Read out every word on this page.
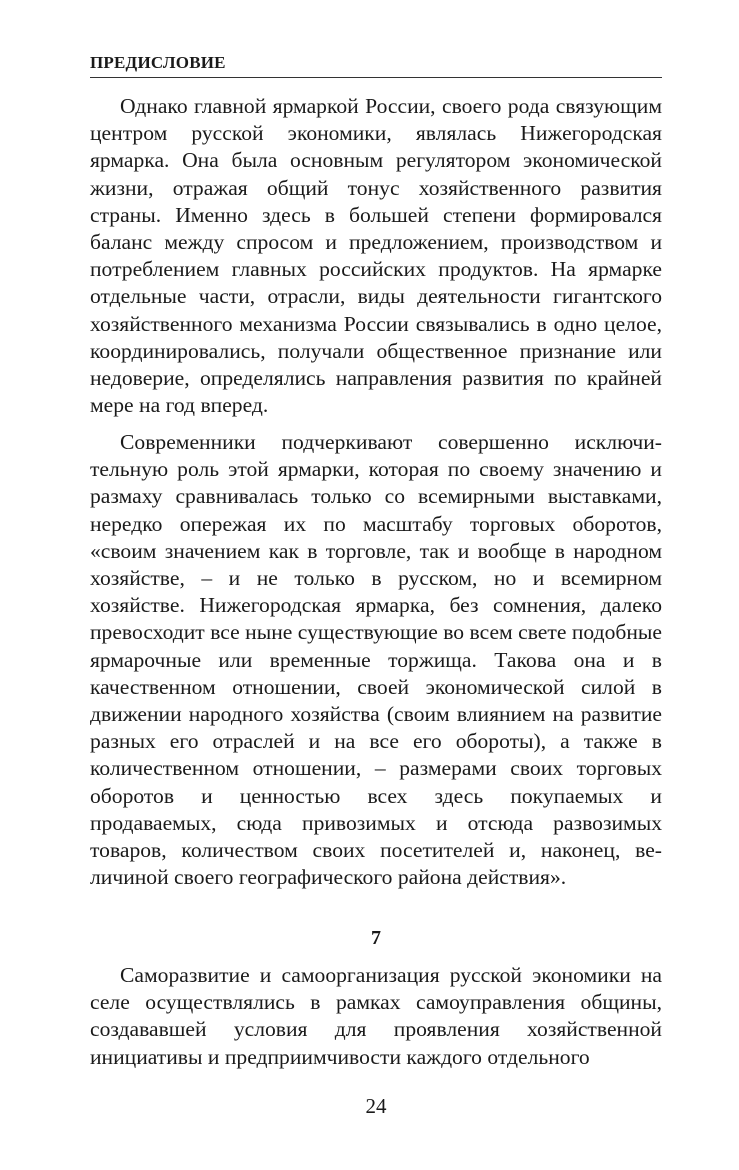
ПРЕДИСЛОВИЕ

Однако главной ярмаркой России, своего рода связующим центром русской экономики, являлась Нижегородская ярмарка. Она была основным регулятором экономической жизни, отражая общий тонус хозяйственного развития страны. Именно здесь в большей степени формировался баланс между спросом и предложением, производством и потреблением главных российских продуктов. На ярмарке отдельные части, отрасли, виды деятельности гигантского хозяйственного механизма России связывались в одно целое, координировались, получали общественное признание или недоверие, определялись направления развития по крайней мере на год вперед.

Современники подчеркивают совершенно исключительную роль этой ярмарки, которая по своему значению и размаху сравнивалась только со всемирными выставками, нередко опережая их по масштабу торговых оборотов, «своим значением как в торговле, так и вообще в народном хозяйстве, – и не только в русском, но и всемирном хозяйстве. Нижегородская ярмарка, без сомнения, далеко превосходит все ныне существующие во всем свете подобные ярмарочные или временные торжища. Такова она и в качественном отношении, своей экономической силой в движении народного хозяйства (своим влиянием на развитие разных его отраслей и на все его обороты), а также в количественном отношении, – размерами своих торговых оборотов и ценностью всех здесь покупаемых и продаваемых, сюда привозимых и отсюда развозимых товаров, количеством своих посетителей и, наконец, величиной своего географического района действия».

7

Саморазвитие и самоорганизация русской экономики на селе осуществлялись в рамках самоуправления общины, создававшей условия для проявления хозяйственной инициативы и предприимчивости каждого отдельного

24
